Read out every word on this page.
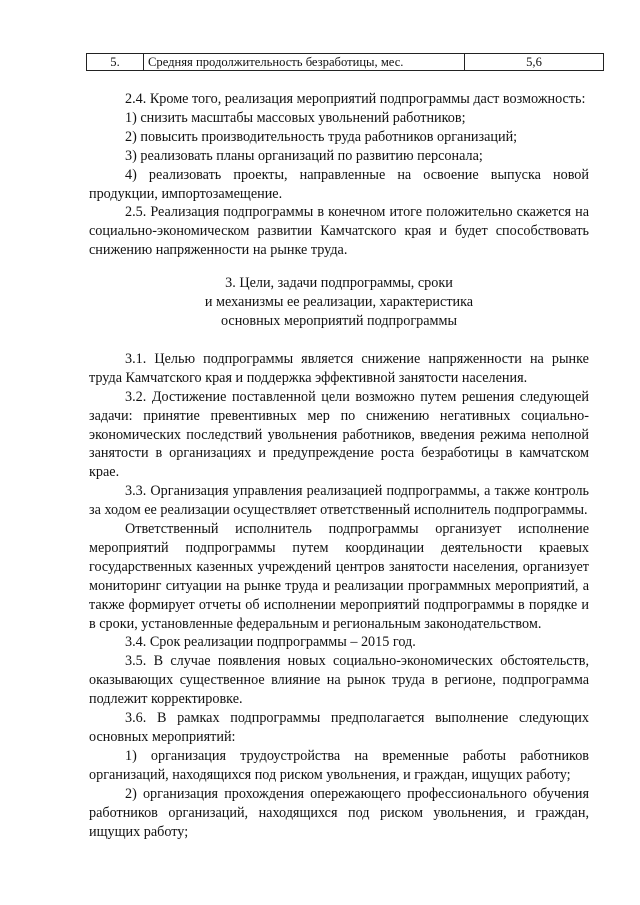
5.	Средняя продолжительность безработицы, мес.	5,6

2.4. Кроме того, реализация мероприятий подпрограммы даст возможность:

1) снизить масштабы массовых увольнений работников;

2) повысить производительность труда работников организаций;

3) реализовать планы организаций по развитию персонала;

4) реализовать проекты, направленные на освоение выпуска новой продукции, импортозамещение.

2.5. Реализация подпрограммы в конечном итоге положительно скажется на социально-экономическом развитии Камчатского края и будет способствовать снижению напряженности на рынке труда.

3. Цели, задачи подпрограммы, сроки
и механизмы ее реализации, характеристика
основных мероприятий подпрограммы

3.1. Целью подпрограммы является снижение напряженности на рынке труда Камчатского края и поддержка эффективной занятости населения.

3.2. Достижение поставленной цели возможно путем решения следующей задачи: принятие превентивных мер по снижению негативных социально-экономических последствий увольнения работников, введения режима неполной занятости в организациях и предупреждение роста безработицы в камчатском крае.

3.3. Организация управления реализацией подпрограммы, а также контроль за ходом ее реализации осуществляет ответственный исполнитель подпрограммы.

Ответственный исполнитель подпрограммы организует исполнение мероприятий подпрограммы путем координации деятельности краевых государственных казенных учреждений центров занятости населения, организует мониторинг ситуации на рынке труда и реализации программных мероприятий, а также формирует отчеты об исполнении мероприятий подпрограммы в порядке и в сроки, установленные федеральным и региональным законодательством.

3.4. Срок реализации подпрограммы – 2015 год.

3.5. В случае появления новых социально-экономических обстоятельств, оказывающих существенное влияние на рынок труда в регионе, подпрограмма подлежит корректировке.

3.6. В рамках подпрограммы предполагается выполнение следующих основных мероприятий:

1) организация трудоустройства на временные работы работников организаций, находящихся под риском увольнения, и граждан, ищущих работу;

2) организация прохождения опережающего профессионального обучения работников организаций, находящихся под риском увольнения, и граждан, ищущих работу;
